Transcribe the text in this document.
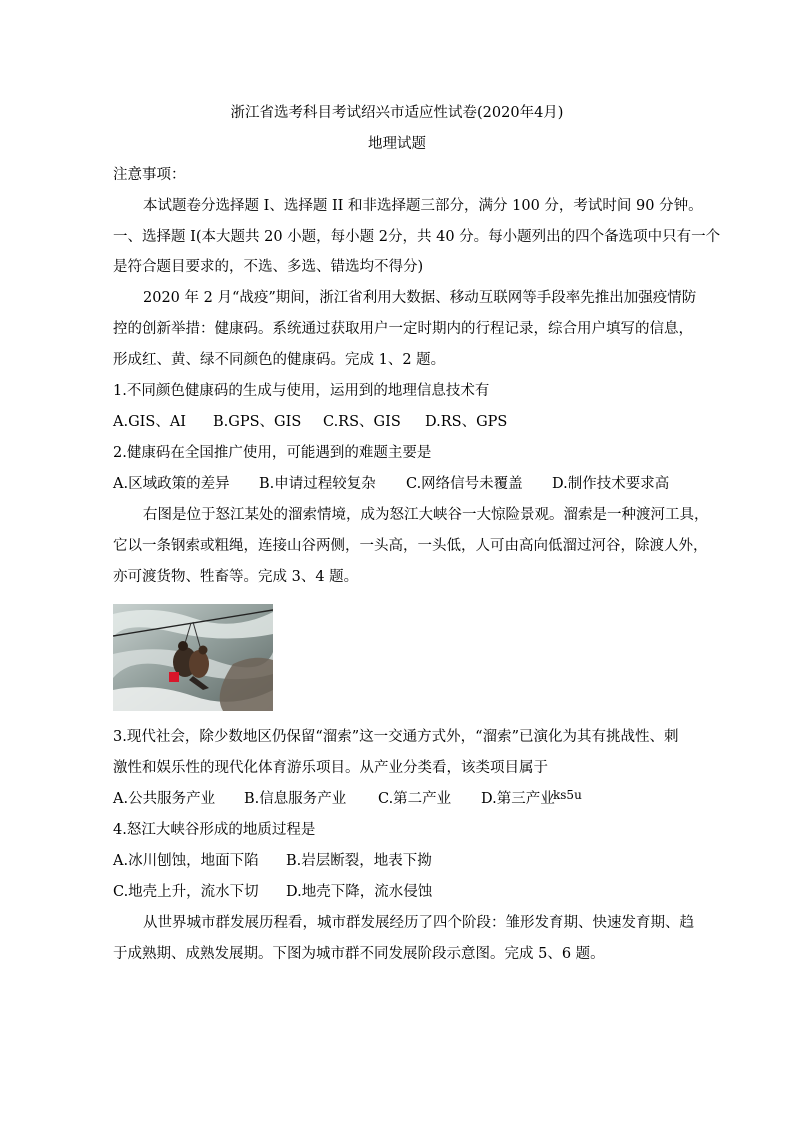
浙江省选考科目考试绍兴市适应性试卷(2020年4月)
地理试题
注意事项：
本试题卷分选择题 I、选择题 II 和非选择题三部分，满分 100 分，考试时间 90 分钟。
一、选择题 I(本大题共 20 小题，每小题 2分，共 40 分。每小题列出的四个备选项中只有一个
是符合题目要求的，不选、多选、错选均不得分)
2020 年 2 月“战疫”期间，浙江省利用大数据、移动互联网等手段率先推出加强疫情防
控的创新举措：健康码。系统通过获取用户一定时期内的行程记录，综合用户填写的信息，
形成红、黄、绿不同颜色的健康码。完成 1、2 题。
1.不同颜色健康码的生成与使用，运用到的地理信息技术有
A.GIS、AI B.GPS、GIS C.RS、GIS D.RS、GPS
2.健康码在全国推广使用，可能遇到的难题主要是
A.区域政策的差异 B.申请过程较复杂 C.网络信号未覆盖 D.制作技术要求高
右图是位于怒江某处的溜索情境，成为怒江大峡谷一大惊险景观。溜索是一种渡河工具，
它以一条钢索或粗绳，连接山谷两侧，一头高，一头低，人可由高向低溜过河谷，除渡人外，
亦可渡货物、牲畜等。完成 3、4 题。
3.现代社会，除少数地区仍保留“溜索”这一交通方式外，“溜索”已演化为其有挑战性、刺
激性和娱乐性的现代化体育游乐项目。从产业分类看，该类项目属于
A.公共服务产业 B.信息服务产业 C.第二产业 D.第三产业
ks5u
4.怒江大峡谷形成的地质过程是
A.冰川刨蚀，地面下陷 B.岩层断裂，地表下拗
C.地壳上升，流水下切 D.地壳下降，流水侵蚀
从世界城市群发展历程看，城市群发展经历了四个阶段：雏形发育期、快速发育期、趋
于成熟期、成熟发展期。下图为城市群不同发展阶段示意图。完成 5、6 题。
